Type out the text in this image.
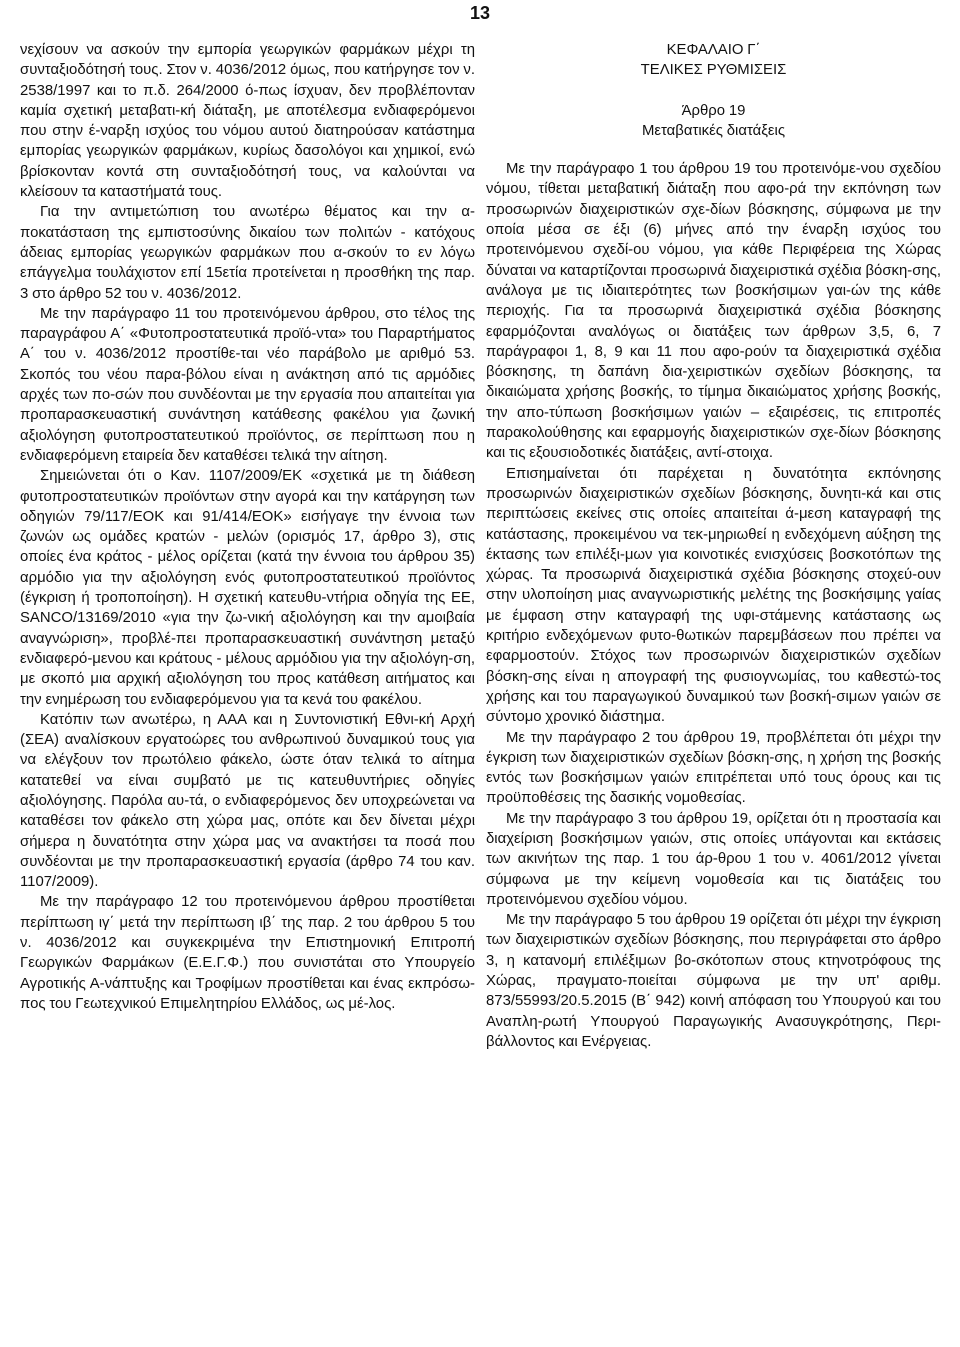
13

νεχίσουν να ασκούν την εμπορία γεωργικών φαρμάκων μέχρι τη συνταξιοδότησή τους. Στον ν. 4036/2012 όμως, που κατήργησε τον ν. 2538/1997 και το π.δ. 264/2000 ό-πως ίσχυαν, δεν προβλέπονταν καμία σχετική μεταβατι-κή διάταξη, με αποτέλεσμα ενδιαφερόμενοι που στην έ-ναρξη ισχύος του νόμου αυτού διατηρούσαν κατάστημα εμπορίας γεωργικών φαρμάκων, κυρίως δασολόγοι και χημικοί, ενώ βρίσκονταν κοντά στη συνταξιοδότησή τους, να καλούνται να κλείσουν τα καταστήματά τους.

Για την αντιμετώπιση του ανωτέρω θέματος και την α-ποκατάσταση της εμπιστοσύνης δικαίου των πολιτών - κατόχους άδειας εμπορίας γεωργικών φαρμάκων που α-σκούν το εν λόγω επάγγελμα τουλάχιστον επί 15ετία προτείνεται η προσθήκη της παρ. 3 στο άρθρο 52 του ν. 4036/2012.

Με την παράγραφο 11 του προτεινόμενου άρθρου, στο τέλος της παραγράφου Α΄ «Φυτοπροστατευτικά προϊό-ντα» του Παραρτήματος Α΄ του ν. 4036/2012 προστίθε-ται νέο παράβολο με αριθμό 53. Σκοπός του νέου παρα-βόλου είναι η ανάκτηση από τις αρμόδιες αρχές των πο-σών που συνδέονται με την εργασία που απαιτείται για προπαρασκευαστική συνάντηση κατάθεσης φακέλου για ζωνική αξιολόγηση φυτοπροστατευτικού προϊόντος, σε περίπτωση που η ενδιαφερόμενη εταιρεία δεν καταθέσει τελικά την αίτηση.

Σημειώνεται ότι ο Καν. 1107/2009/ΕΚ «σχετικά με τη διάθεση φυτοπροστατευτικών προϊόντων στην αγορά και την κατάργηση των οδηγιών 79/117/ΕΟΚ και 91/414/ΕΟΚ» εισήγαγε την έννοια των ζωνών ως ομάδες κρατών - μελών (ορισμός 17, άρθρο 3), στις οποίες ένα κράτος - μέλος ορίζεται (κατά την έννοια του άρθρου 35) αρμόδιο για την αξιολόγηση ενός φυτοπροστατευτικού προϊόντος (έγκριση ή τροποποίηση). Η σχετική κατευθυ-ντήρια οδηγία της ΕΕ, SANCO/13169/2010 «για την ζω-νική αξιολόγηση και την αμοιβαία αναγνώριση», προβλέ-πει προπαρασκευαστική συνάντηση μεταξύ ενδιαφερό-μενου και κράτους - μέλους αρμόδιου για την αξιολόγη-ση, με σκοπό μια αρχική αξιολόγηση του προς κατάθεση αιτήματος και την ενημέρωση του ενδιαφερόμενου για τα κενά του φακέλου.

Κατόπιν των ανωτέρω, η ΑΑΑ και η Συντονιστική Εθνι-κή Αρχή (ΣΕΑ) αναλίσκουν εργατοώρες του ανθρωπινού δυναμικού τους για να ελέγξουν τον πρωτόλειο φάκελο, ώστε όταν τελικά το αίτημα κατατεθεί να είναι συμβατό με τις κατευθυντήριες οδηγίες αξιολόγησης. Παρόλα αυ-τά, ο ενδιαφερόμενος δεν υποχρεώνεται να καταθέσει τον φάκελο στη χώρα μας, οπότε και δεν δίνεται μέχρι σήμερα η δυνατότητα στην χώρα μας να ανακτήσει τα ποσά που συνδέονται με την προπαρασκευαστική εργασία (άρθρο 74 του καν. 1107/2009).

Με την παράγραφο 12 του προτεινόμενου άρθρου προστίθεται περίπτωση ιγ΄ μετά την περίπτωση ιβ΄ της παρ. 2 του άρθρου 5 του ν. 4036/2012 και συγκεκριμένα την Επιστημονική Επιτροπή Γεωργικών Φαρμάκων (Ε.Ε.Γ.Φ.) που συνιστάται στο Υπουργείο Αγροτικής Α-νάπτυξης και Τροφίμων προστίθεται και ένας εκπρόσω-πος του Γεωτεχνικού Επιμελητηρίου Ελλάδος, ως μέ-λος.

ΚΕΦΑΛΑΙΟ Γ΄
ΤΕΛΙΚΕΣ ΡΥΘΜΙΣΕΙΣ
Άρθρο 19
Μεταβατικές διατάξεις

Με την παράγραφο 1 του άρθρου 19 του προτεινόμε-νου σχεδίου νόμου, τίθεται μεταβατική διάταξη που αφο-ρά την εκπόνηση των προσωρινών διαχειριστικών σχε-δίων βόσκησης, σύμφωνα με την οποία μέσα σε έξι (6) μήνες από την έναρξη ισχύος του προτεινόμενου σχεδί-ου νόμου, για κάθε Περιφέρεια της Χώρας δύναται να καταρτίζονται προσωρινά διαχειριστικά σχέδια βόσκη-σης, ανάλογα με τις ιδιαιτερότητες των βοσκήσιμων γαι-ών της κάθε περιοχής. Για τα προσωρινά διαχειριστικά σχέδια βόσκησης εφαρμόζονται αναλόγως οι διατάξεις των άρθρων 3,5, 6, 7 παράγραφοι 1, 8, 9 και 11 που αφο-ρούν τα διαχειριστικά σχέδια βόσκησης, τη δαπάνη δια-χειριστικών σχεδίων βόσκησης, τα δικαιώματα χρήσης βοσκής, το τίμημα δικαιώματος χρήσης βοσκής, την απο-τύπωση βοσκήσιμων γαιών – εξαιρέσεις, τις επιτροπές παρακολούθησης και εφαρμογής διαχειριστικών σχε-δίων βόσκησης και τις εξουσιοδοτικές διατάξεις, αντί-στοιχα.

Επισημαίνεται ότι παρέχεται η δυνατότητα εκπόνησης προσωρινών διαχειριστικών σχεδίων βόσκησης, δυνητι-κά και στις περιπτώσεις εκείνες στις οποίες απαιτείται ά-μεση καταγραφή της κατάστασης, προκειμένου να τεκ-μηριωθεί η ενδεχόμενη αύξηση της έκτασης των επιλέξι-μων για κοινοτικές ενισχύσεις βοσκοτόπων της χώρας. Τα προσωρινά διαχειριστικά σχέδια βόσκησης στοχεύ-ουν στην υλοποίηση μιας αναγνωριστικής μελέτης της βοσκήσιμης γαίας με έμφαση στην καταγραφή της υφι-στάμενης κατάστασης ως κριτήριο ενδεχόμενων φυτο-θωτικών παρεμβάσεων που πρέπει να εφαρμοστούν. Στόχος των προσωρινών διαχειριστικών σχεδίων βόσκη-σης είναι η απογραφή της φυσιογνωμίας, του καθεστώ-τος χρήσης και του παραγωγικού δυναμικού των βοσκή-σιμων γαιών σε σύντομο χρονικό διάστημα.

Με την παράγραφο 2 του άρθρου 19, προβλέπεται ότι μέχρι την έγκριση των διαχειριστικών σχεδίων βόσκη-σης, η χρήση της βοσκής εντός των βοσκήσιμων γαιών επιτρέπεται υπό τους όρους και τις προϋποθέσεις της δασικής νομοθεσίας.

Με την παράγραφο 3 του άρθρου 19, ορίζεται ότι η προστασία και διαχείριση βοσκήσιμων γαιών, στις οποίες υπάγονται και εκτάσεις των ακινήτων της παρ. 1 του άρ-θρου 1 του ν. 4061/2012 γίνεται σύμφωνα με την κείμενη νομοθεσία και τις διατάξεις του προτεινόμενου σχεδίου νόμου.

Με την παράγραφο 5 του άρθρου 19 ορίζεται ότι μέχρι την έγκριση των διαχειριστικών σχεδίων βόσκησης, που περιγράφεται στο άρθρο 3, η κατανομή επιλέξιμων βο-σκότοπων στους κτηνοτρόφους της Χώρας, πραγματο-ποιείται σύμφωνα με την υπ' αριθμ. 873/55993/20.5.2015 (Β΄ 942) κοινή απόφαση του Υπουργού και του Αναπλη-ρωτή Υπουργού Παραγωγικής Ανασυγκρότησης, Περι-βάλλοντος και Ενέργειας.
